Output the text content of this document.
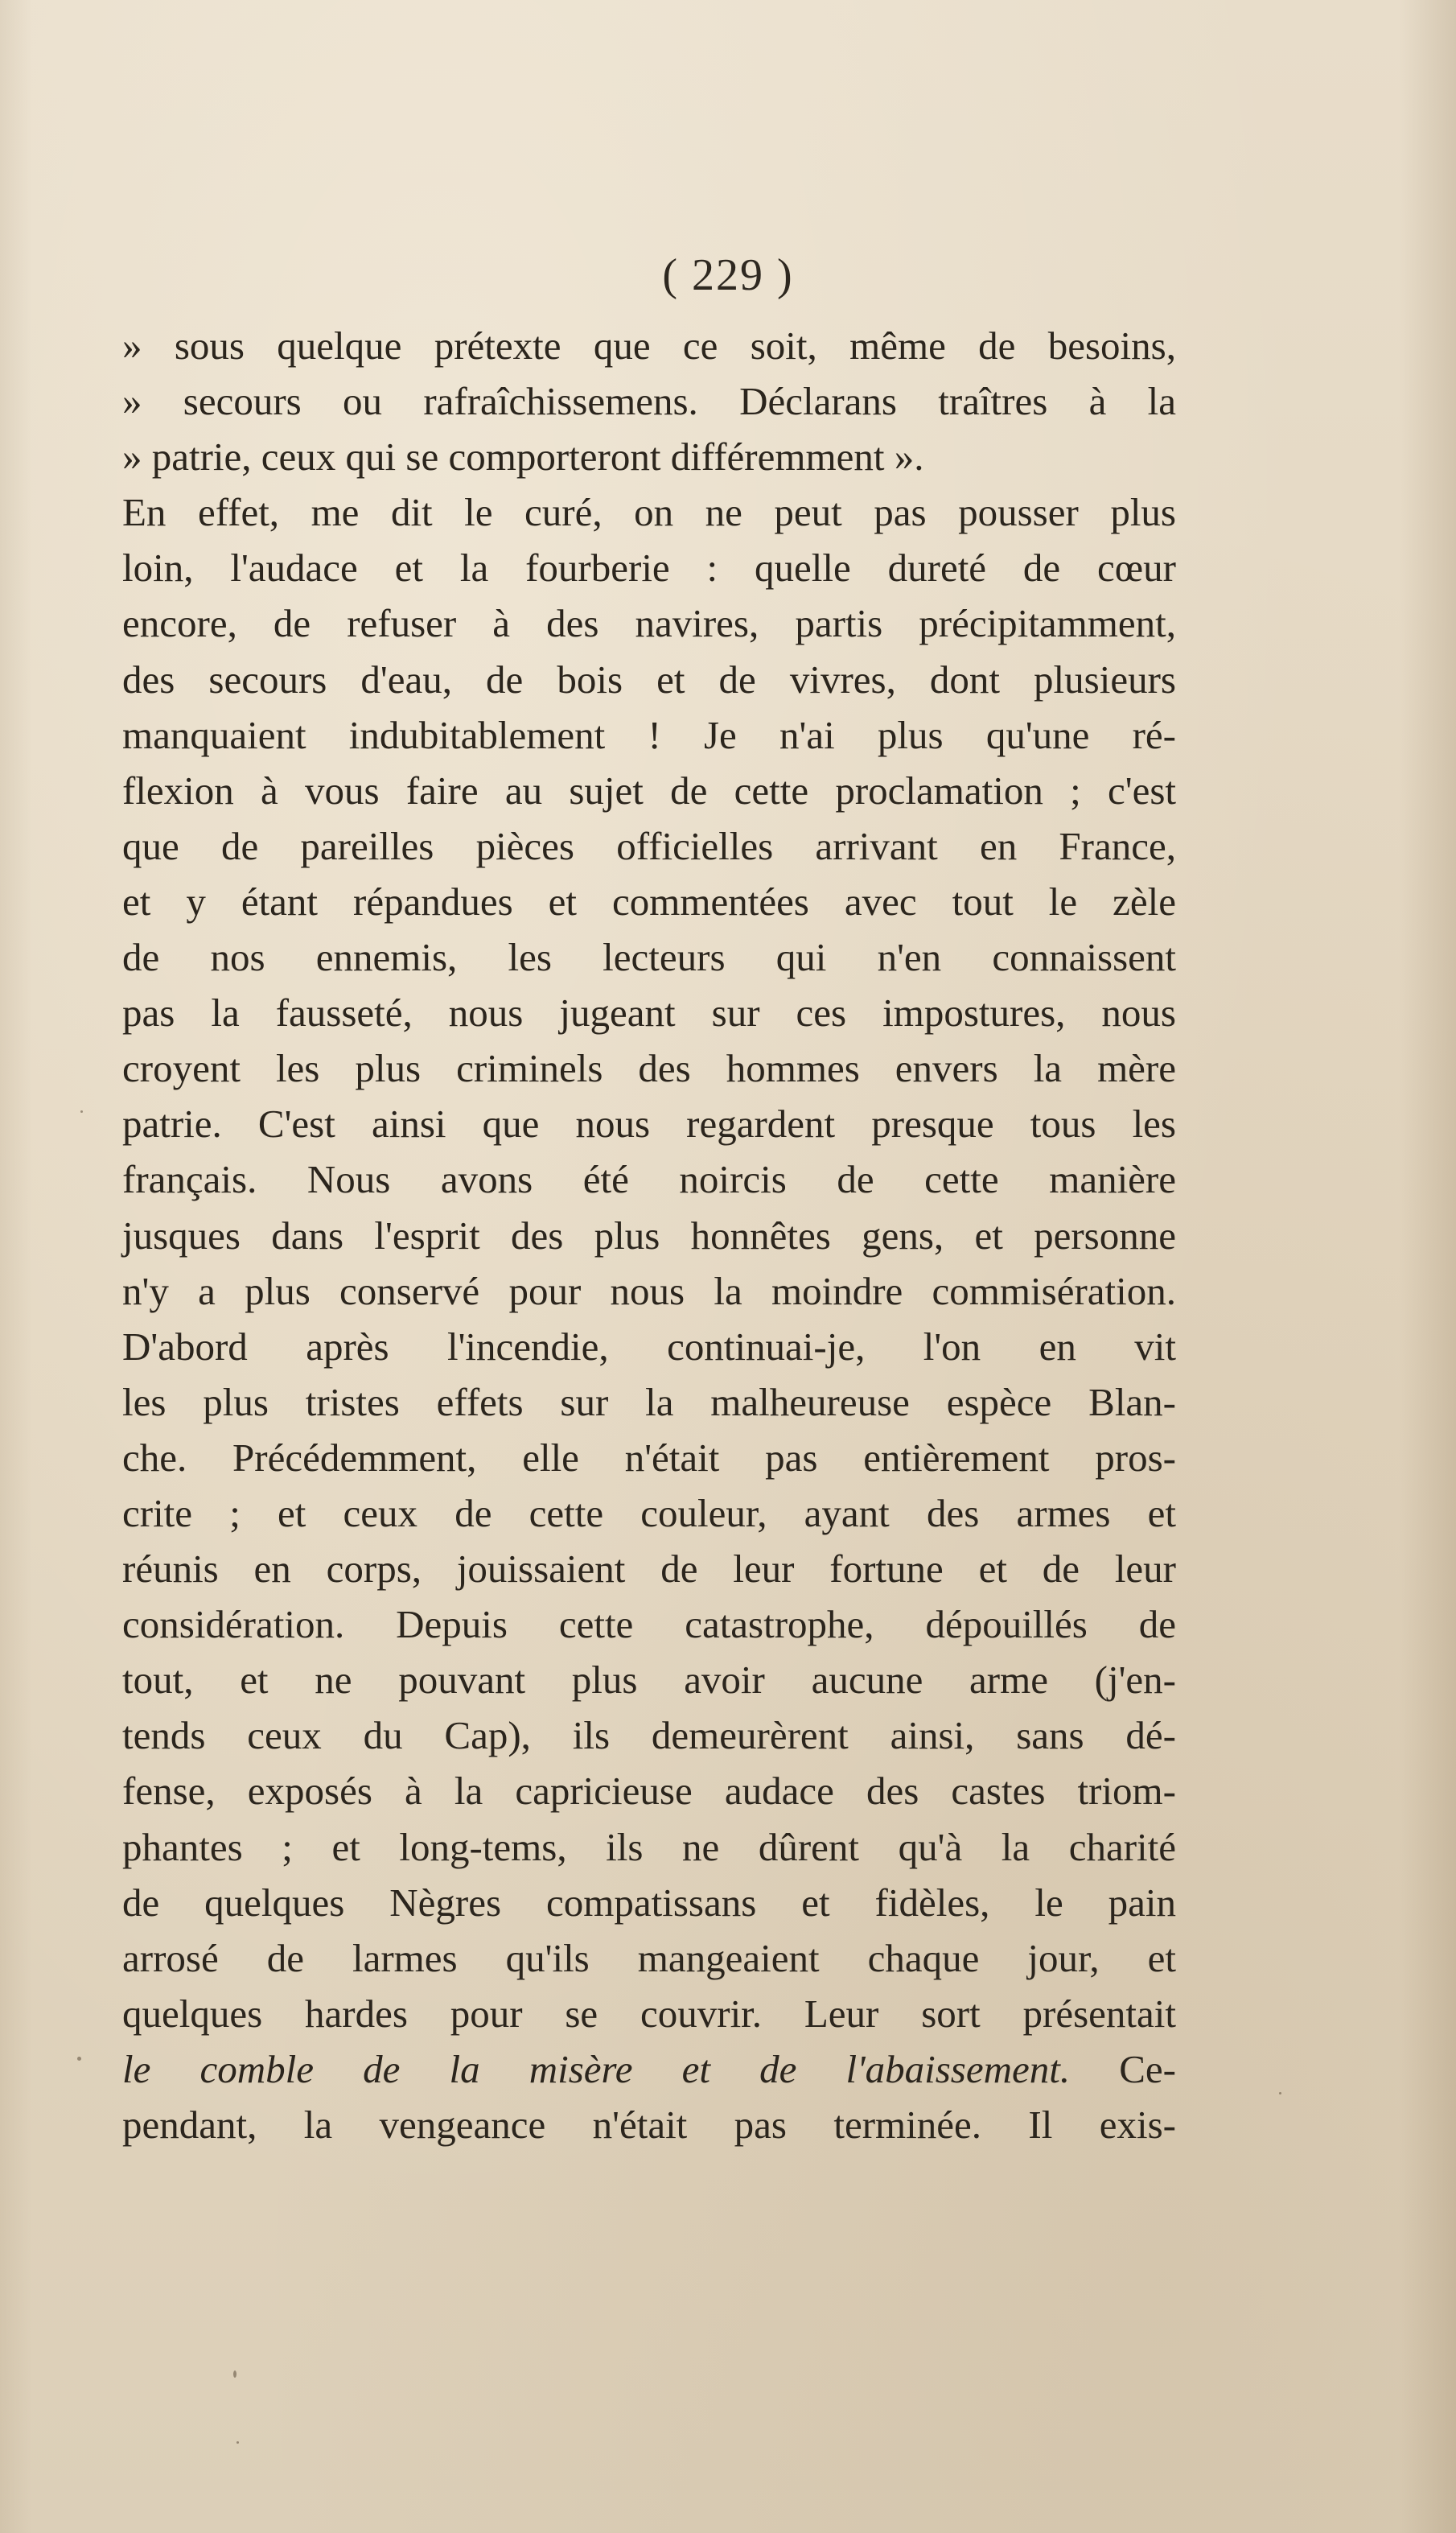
( 229 )
» sous quelque prétexte que ce soit, même de besoins,
» secours ou rafraîchissemens. Déclarans traîtres à la
» patrie, ceux qui se comporteront différemment ».
En effet, me dit le curé, on ne peut pas pousser plus
loin, l'audace et la fourberie : quelle dureté de cœur
encore, de refuser à des navires, partis précipitamment,
des secours d'eau, de bois et de vivres, dont plusieurs
manquaient indubitablement ! Je n'ai plus qu'une ré-
flexion à vous faire au sujet de cette proclamation ; c'est
que de pareilles pièces officielles arrivant en France,
et y étant répandues et commentées avec tout le zèle
de nos ennemis, les lecteurs qui n'en connaissent
pas la fausseté, nous jugeant sur ces impostures, nous
croyent les plus criminels des hommes envers la mère
patrie. C'est ainsi que nous regardent presque tous les
français. Nous avons été noircis de cette manière
jusques dans l'esprit des plus honnêtes gens, et personne
n'y a plus conservé pour nous la moindre commisération.
D'abord après l'incendie, continuai-je, l'on en vit
les plus tristes effets sur la malheureuse espèce Blan-
che. Précédemment, elle n'était pas entièrement pros-
crite ; et ceux de cette couleur, ayant des armes et
réunis en corps, jouissaient de leur fortune et de leur
considération. Depuis cette catastrophe, dépouillés de
tout, et ne pouvant plus avoir aucune arme (j'en-
tends ceux du Cap), ils demeurèrent ainsi, sans dé-
fense, exposés à la capricieuse audace des castes triom-
phantes ; et long-tems, ils ne dûrent qu'à la charité
de quelques Nègres compatissans et fidèles, le pain
arrosé de larmes qu'ils mangeaient chaque jour, et
quelques hardes pour se couvrir. Leur sort présentait
le comble de la misère et de l'abaissement. Ce-
pendant, la vengeance n'était pas terminée. Il exis-
